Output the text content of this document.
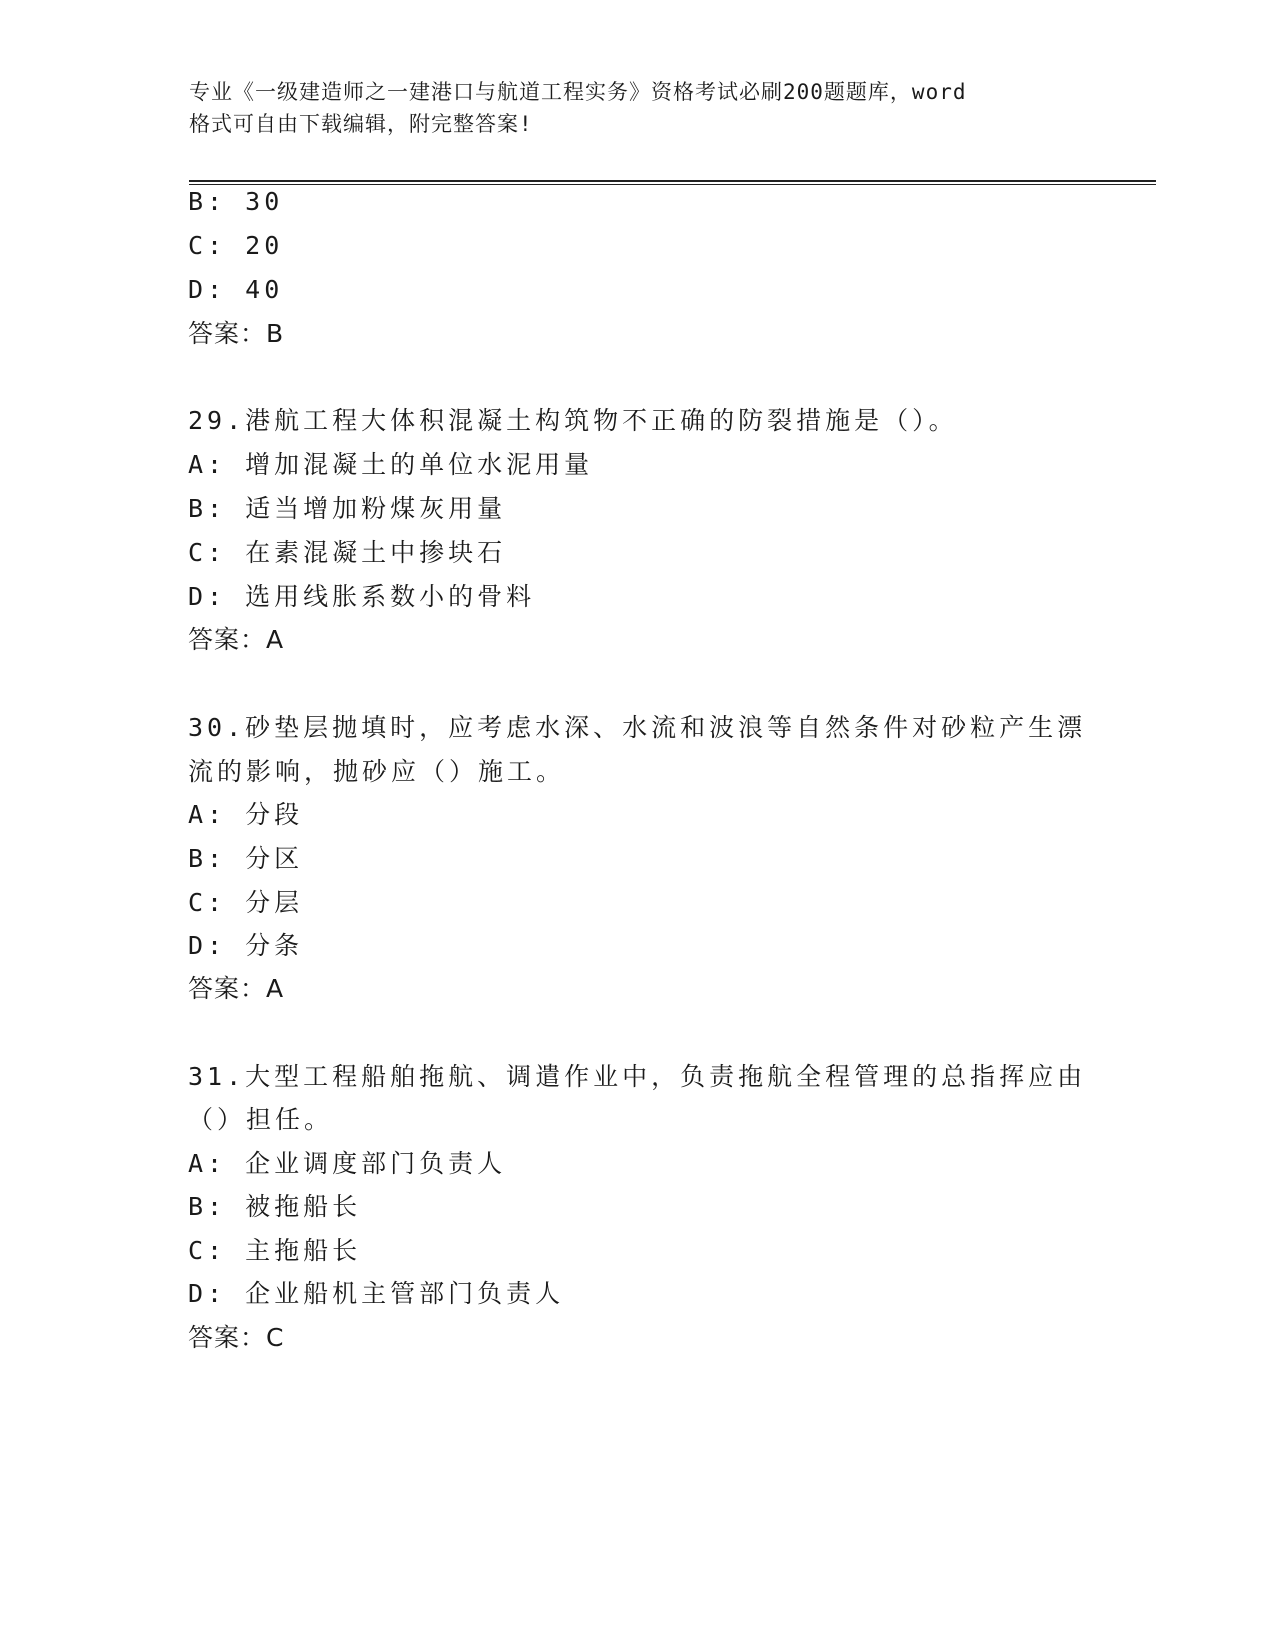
专业《一级建造师之一建港口与航道工程实务》资格考试必刷200题题库，word
格式可自由下载编辑，附完整答案!
B: 30
C: 20
D: 40
答案：B
29.港航工程大体积混凝土构筑物不正确的防裂措施是（）。
A: 增加混凝土的单位水泥用量
B: 适当增加粉煤灰用量
C: 在素混凝土中掺块石
D: 选用线胀系数小的骨料
答案：A
30.砂垫层抛填时，应考虑水深、水流和波浪等自然条件对砂粒产生漂
流的影响，抛砂应（）施工。
A: 分段
B: 分区
C: 分层
D: 分条
答案：A
31.大型工程船舶拖航、调遣作业中，负责拖航全程管理的总指挥应由
（）担任。
A: 企业调度部门负责人
B: 被拖船长
C: 主拖船长
D: 企业船机主管部门负责人
答案：C
